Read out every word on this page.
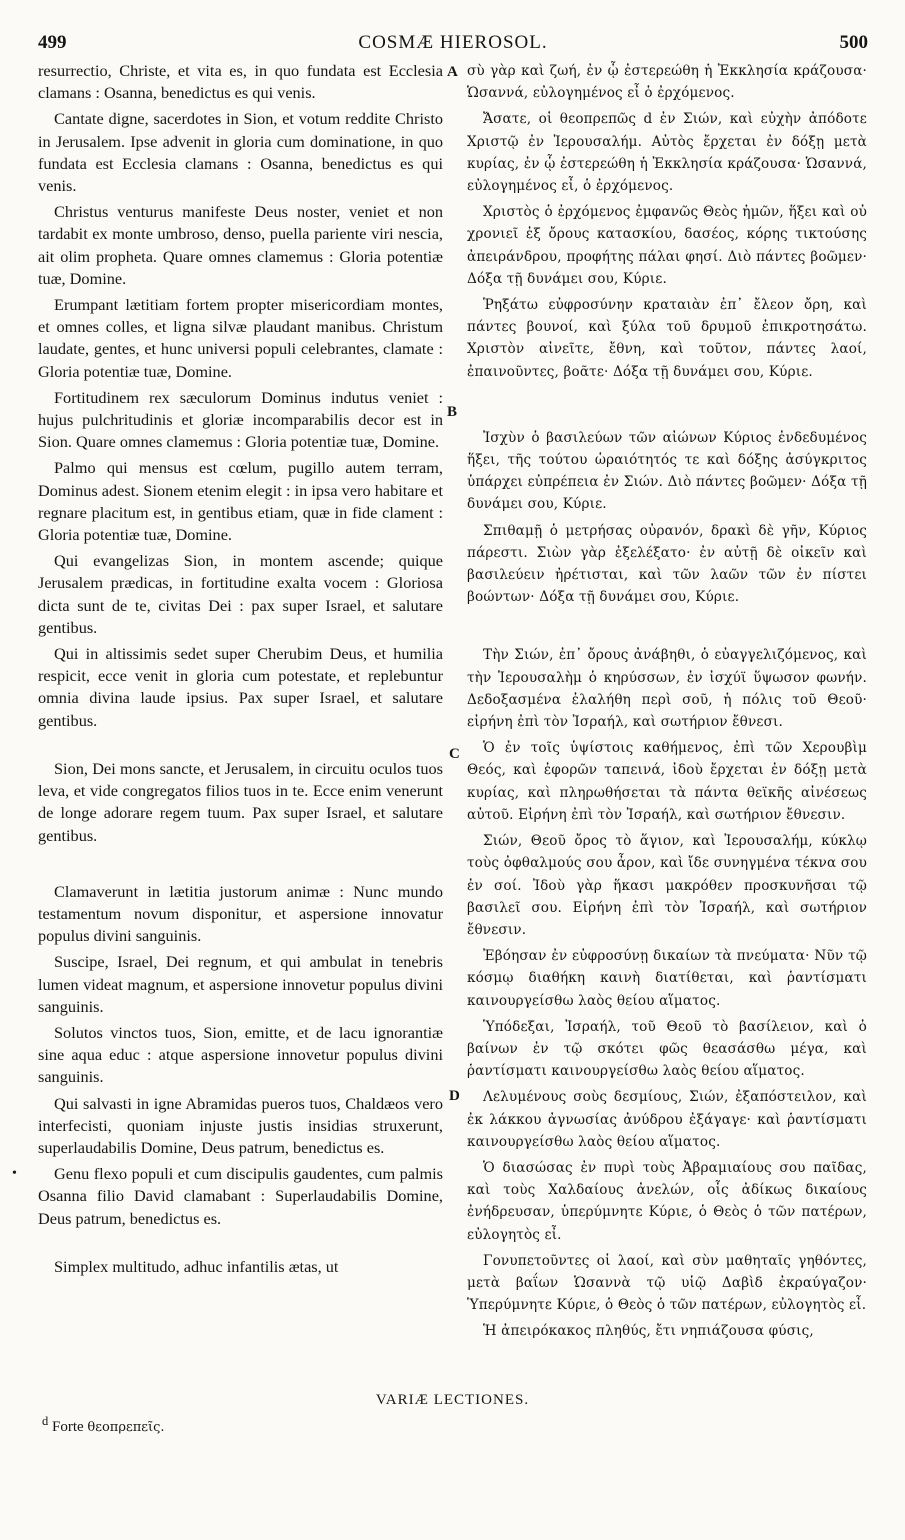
499	COSMÆ HIEROSOL.	500

resurrectio, Christe, et vita es, in quo fundata est Ecclesia clamans : Osanna, benedictus es qui venis.

Cantate digne, sacerdotes in Sion, et votum reddite Christo in Jerusalem. Ipse advenit in gloria cum dominatione, in quo fundata est Ecclesia clamans : Osanna, benedictus es qui venis.

Christus venturus manifeste Deus noster, veniet et non tardabit ex monte umbroso, denso, puella pariente viri nescia, ait olim propheta. Quare omnes clamemus : Gloria potentiæ tuæ, Domine.

Erumpant lætitiam fortem propter misericordiam montes, et omnes colles, et ligna silvæ plaudant manibus. Christum laudate, gentes, et hunc universi populi celebrantes, clamate : Gloria potentiæ tuæ, Domine.

Fortitudinem rex sæculorum Dominus indutus veniet : hujus pulchritudinis et gloriæ incomparabilis decor est in Sion. Quare omnes clamemus : Gloria potentiæ tuæ, Domine.

Palmo qui mensus est cœlum, pugillo autem terram, Dominus adest. Sionem etenim elegit : in ipsa vero habitare et regnare placitum est, in gentibus etiam, quæ in fide clament : Gloria potentiæ tuæ, Domine.

Qui evangelizas Sion, in montem ascende; quique Jerusalem prædicas, in fortitudine exalta vocem : Gloriosa dicta sunt de te, civitas Dei : pax super Israel, et salutare gentibus.

Qui in altissimis sedet super Cherubim Deus, et humilia respicit, ecce venit in gloria cum potestate, et replebuntur omnia divina laude ipsius. Pax super Israel, et salutare gentibus.

Sion, Dei mons sancte, et Jerusalem, in circuitu oculos tuos leva, et vide congregatos filios tuos in te. Ecce enim venerunt de longe adorare regem tuum. Pax super Israel, et salutare gentibus.

Clamaverunt in lætitia justorum animæ : Nunc mundo testamentum novum disponitur, et aspersione innovatur populus divini sanguinis.

Suscipe, Israel, Dei regnum, et qui ambulat in tenebris lumen videat magnum, et aspersione innovetur populus divini sanguinis.

Solutos vinctos tuos, Sion, emitte, et de lacu ignorantiæ sine aqua educ : atque aspersione innovetur populus divini sanguinis.

Qui salvasti in igne Abramidas pueros tuos, Chaldæos vero interfecisti, quoniam injuste justis insidias struxerunt, superlaudabilis Domine, Deus patrum, benedictus es.

Genu flexo populi et cum discipulis gaudentes, cum palmis Osanna filio David clamabant : Superlaudabilis Domine, Deus patrum, benedictus es.

Simplex multitudo, adhuc infantilis ætas, ut

σὺ γὰρ καὶ ζωή, ἐν ᾧ ἐστερεώθη ἡ Ἐκκλησία κράζουσα· Ὡσαννά, εὐλογημένος εἶ ὁ ἐρχόμενος.

Ἄσατε, οἱ θεοπρεπῶς d ἐν Σιών, καὶ εὐχὴν ἀπόδοτε Χριστῷ ἐν Ἱερουσαλήμ. Αὐτὸς ἔρχεται ἐν δόξῃ μετὰ κυρίας, ἐν ᾧ ἐστερεώθη ἡ Ἐκκλησία κράζουσα· Ὡσαννά, εὐλογημένος εἶ, ὁ ἐρχόμενος.

Χριστὸς ὁ ἐρχόμενος ἐμφανῶς Θεὸς ἡμῶν, ἥξει καὶ οὐ χρονιεῖ ἐξ ὄρους κατασκίου, δασέος, κόρης τικτούσης ἀπειράνδρου, προφήτης πάλαι φησί. Διὸ πάντες βοῶμεν· Δόξα τῇ δυνάμει σου, Κύριε.

Ῥηξάτω εὐφροσύνην κραταιὰν ἐπ᾽ ἔλεον ὄρη, καὶ πάντες βουνοί, καὶ ξύλα τοῦ δρυμοῦ ἐπικροτησάτω. Χριστὸν αἰνεῖτε, ἔθνη, καὶ τοῦτον, πάντες λαοί, ἐπαινοῦντες, βοᾶτε· Δόξα τῇ δυνάμει σου, Κύριε.

Ἰσχὺν ὁ βασιλεύων τῶν αἰώνων Κύριος ἐνδεδυμένος ἥξει, τῆς τούτου ὡραιότητός τε καὶ δόξης ἀσύγκριτος ὑπάρχει εὐπρέπεια ἐν Σιών. Διὸ πάντες βοῶμεν· Δόξα τῇ δυνάμει σου, Κύριε.

Σπιθαμῇ ὁ μετρήσας οὐρανόν, δρακὶ δὲ γῆν, Κύριος πάρεστι. Σιὼν γὰρ ἐξελέξατο· ἐν αὐτῇ δὲ οἰκεῖν καὶ βασιλεύειν ἠρέτισται, καὶ τῶν λαῶν τῶν ἐν πίστει βοώντων· Δόξα τῇ δυνάμει σου, Κύριε.

Τὴν Σιών, ἐπ᾽ ὄρους ἀνάβηθι, ὁ εὐαγγελιζόμενος, καὶ τὴν Ἱερουσαλὴμ ὁ κηρύσσων, ἐν ἰσχύϊ ὕψωσον φωνήν. Δεδοξασμένα ἐλαλήθη περὶ σοῦ, ἡ πόλις τοῦ Θεοῦ· εἰρήνη ἐπὶ τὸν Ἰσραήλ, καὶ σωτήριον ἔθνεσι.

Ὁ ἐν τοῖς ὑψίστοις καθήμενος, ἐπὶ τῶν Χερουβὶμ Θεός, καὶ ἐφορῶν ταπεινά, ἰδοὺ ἔρχεται ἐν δόξῃ μετὰ κυρίας, καὶ πληρωθήσεται τὰ πάντα θεϊκῆς αἰνέσεως αὐτοῦ. Εἰρήνη ἐπὶ τὸν Ἰσραήλ, καὶ σωτήριον ἔθνεσιν.

Σιών, Θεοῦ ὄρος τὸ ἅγιον, καὶ Ἱερουσαλήμ, κύκλῳ τοὺς ὀφθαλμούς σου ἆρον, καὶ ἴδε συνηγμένα τέκνα σου ἐν σοί. Ἰδοὺ γὰρ ἥκασι μακρόθεν προσκυνῆσαι τῷ βασιλεῖ σου. Εἰρήνη ἐπὶ τὸν Ἰσραήλ, καὶ σωτήριον ἔθνεσιν.

Ἐβόησαν ἐν εὐφροσύνῃ δικαίων τὰ πνεύματα· Νῦν τῷ κόσμῳ διαθήκη καινὴ διατίθεται, καὶ ῥαντίσματι καινουργείσθω λαὸς θείου αἵματος.

Ὑπόδεξαι, Ἰσραήλ, τοῦ Θεοῦ τὸ βασίλειον, καὶ ὁ βαίνων ἐν τῷ σκότει φῶς θεασάσθω μέγα, καὶ ῥαντίσματι καινουργείσθω λαὸς θείου αἵματος.

Λελυμένους σοὺς δεσμίους, Σιών, ἐξαπόστειλον, καὶ ἐκ λάκκου ἀγνωσίας ἀνύδρου ἐξάγαγε· καὶ ῥαντίσματι καινουργείσθω λαὸς θείου αἵματος.

Ὁ διασώσας ἐν πυρὶ τοὺς Ἀβραμιαίους σου παῖδας, καὶ τοὺς Χαλδαίους ἀνελών, οἷς ἀδίκως δικαίους ἐνήδρευσαν, ὑπερύμνητε Κύριε, ὁ Θεὸς ὁ τῶν πατέρων, εὐλογητὸς εἶ.

Γονυπετοῦντες οἱ λαοί, καὶ σὺν μαθηταῖς γηθόντες, μετὰ βαΐων Ὡσαννὰ τῷ υἱῷ Δαβὶδ ἐκραύγαζον· Ὑπερύμνητε Κύριε, ὁ Θεὸς ὁ τῶν πατέρων, εὐλογητὸς εἶ.

Ἡ ἀπειρόκακος πληθύς, ἔτι νηπιάζουσα φύσις,

A
B
C
D
•
VARIÆ LECTIONES.
$^d$ Forte θεοπρεπεῖς.
